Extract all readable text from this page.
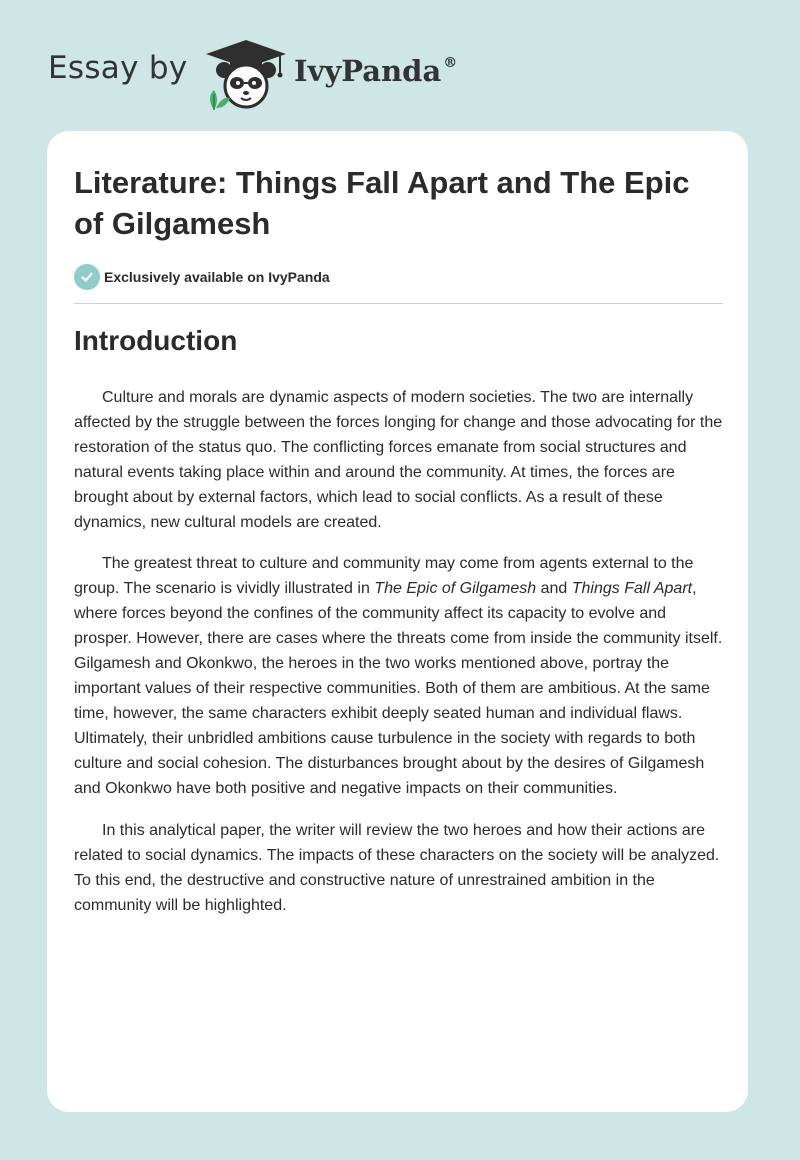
Essay by	IvyPanda ®
Literature: Things Fall Apart and The Epic of Gilgamesh
Exclusively available on IvyPanda
Introduction

Culture and morals are dynamic aspects of modern societies. The two are internally affected by the struggle between the forces longing for change and those advocating for the restoration of the status quo. The conflicting forces emanate from social structures and natural events taking place within and around the community. At times, the forces are brought about by external factors, which lead to social conflicts. As a result of these dynamics, new cultural models are created.

The greatest threat to culture and community may come from agents external to the group. The scenario is vividly illustrated in The Epic of Gilgamesh and Things Fall Apart, where forces beyond the confines of the community affect its capacity to evolve and prosper. However, there are cases where the threats come from inside the community itself. Gilgamesh and Okonkwo, the heroes in the two works mentioned above, portray the important values of their respective communities. Both of them are ambitious. At the same time, however, the same characters exhibit deeply seated human and individual flaws. Ultimately, their unbridled ambitions cause turbulence in the society with regards to both culture and social cohesion. The disturbances brought about by the desires of Gilgamesh and Okonkwo have both positive and negative impacts on their communities.

In this analytical paper, the writer will review the two heroes and how their actions are related to social dynamics. The impacts of these characters on the society will be analyzed. To this end, the destructive and constructive nature of unrestrained ambition in the community will be highlighted.
